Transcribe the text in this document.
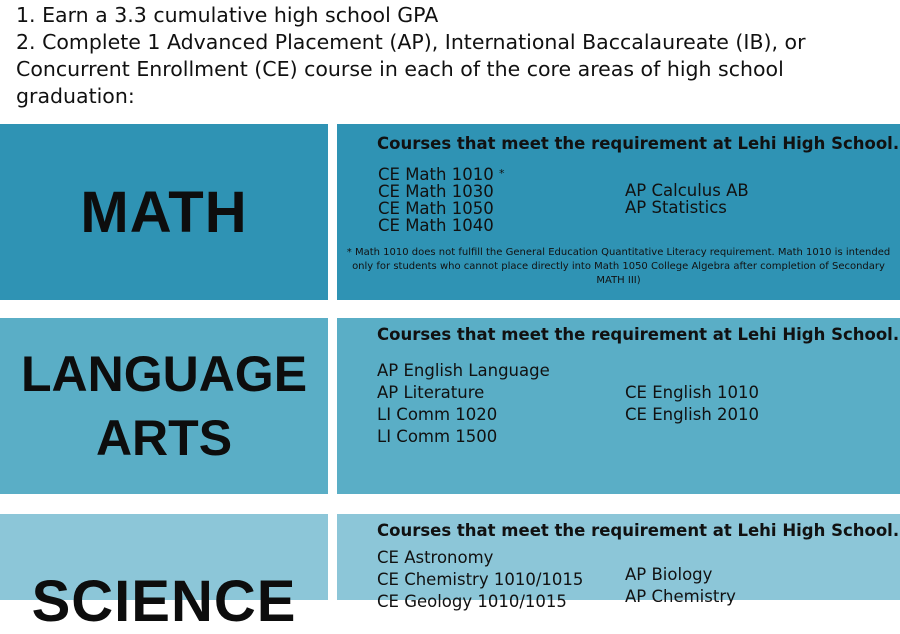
1. Earn a 3.3 cumulative high school GPA
2. Complete 1 Advanced Placement (AP), International Baccalaureate (IB), or Concurrent Enrollment (CE) course in each of the core areas of high school graduation:
MATH
Courses that meet the requirement at Lehi High School.
CE Math 1010 *
CE Math 1030
CE Math 1050
CE Math 1040
AP Calculus AB
AP Statistics
* Math 1010 does not fulfill the General Education Quantitative Literacy requirement. Math 1010 is intended only for students who cannot place directly into Math 1050 College Algebra after completion of Secondary MATH III)
LANGUAGE
ARTS
Courses that meet the requirement at Lehi High School.
AP English Language
AP Literature
LI Comm 1020
LI Comm 1500
CE English 1010
CE English 2010
SCIENCE
Courses that meet the requirement at Lehi High School.
CE Astronomy
CE Chemistry 1010/1015
CE Geology 1010/1015
AP Biology
AP Chemistry
